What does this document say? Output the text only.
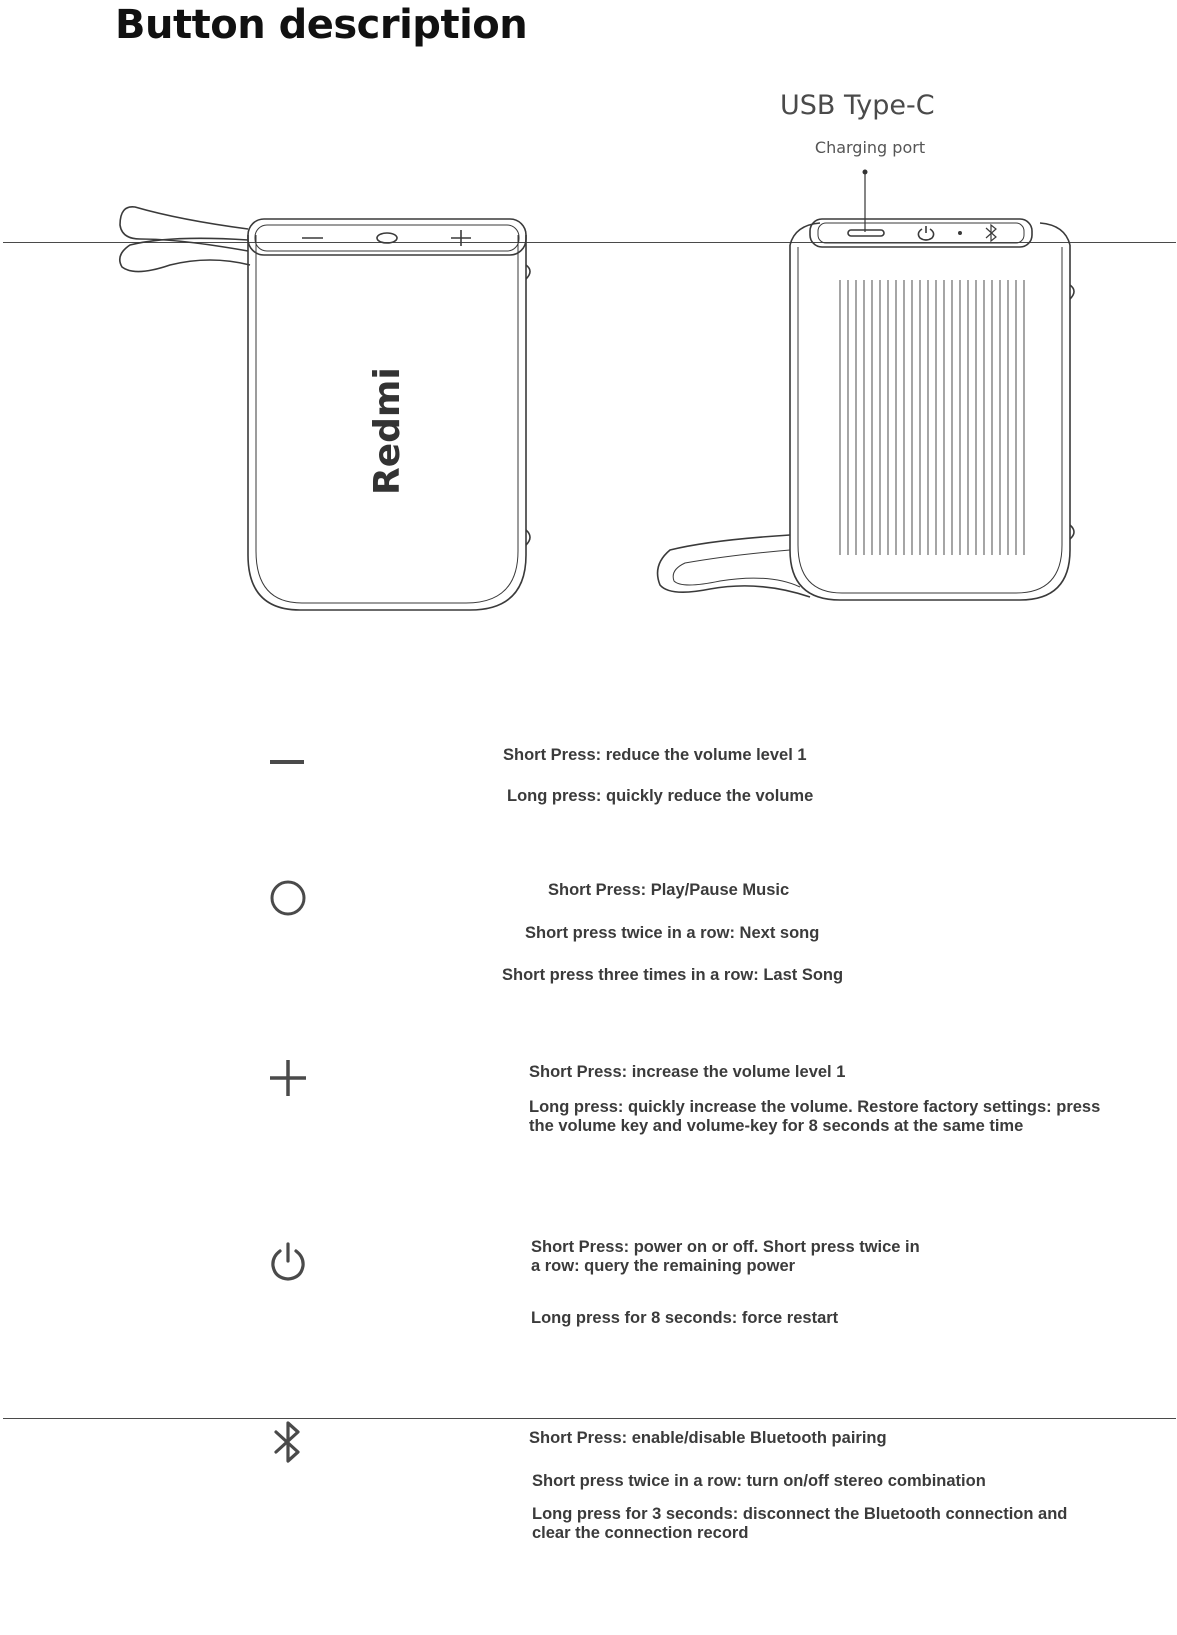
Button description
Redmi
USB Type-C
Charging port
Short Press: reduce the volume level 1
Long press: quickly reduce the volume
Short Press: Play/Pause Music
Short press twice in a row: Next song
Short press three times in a row: Last Song
Short Press: increase the volume level 1
Long press: quickly increase the volume. Restore factory settings: press the volume key and volume-key for 8 seconds at the same time
Short Press: power on or off. Short press twice in a row: query the remaining power
Long press for 8 seconds: force restart
Short Press: enable/disable Bluetooth pairing
Short press twice in a row: turn on/off stereo combination
Long press for 3 seconds: disconnect the Bluetooth connection and clear the connection record
